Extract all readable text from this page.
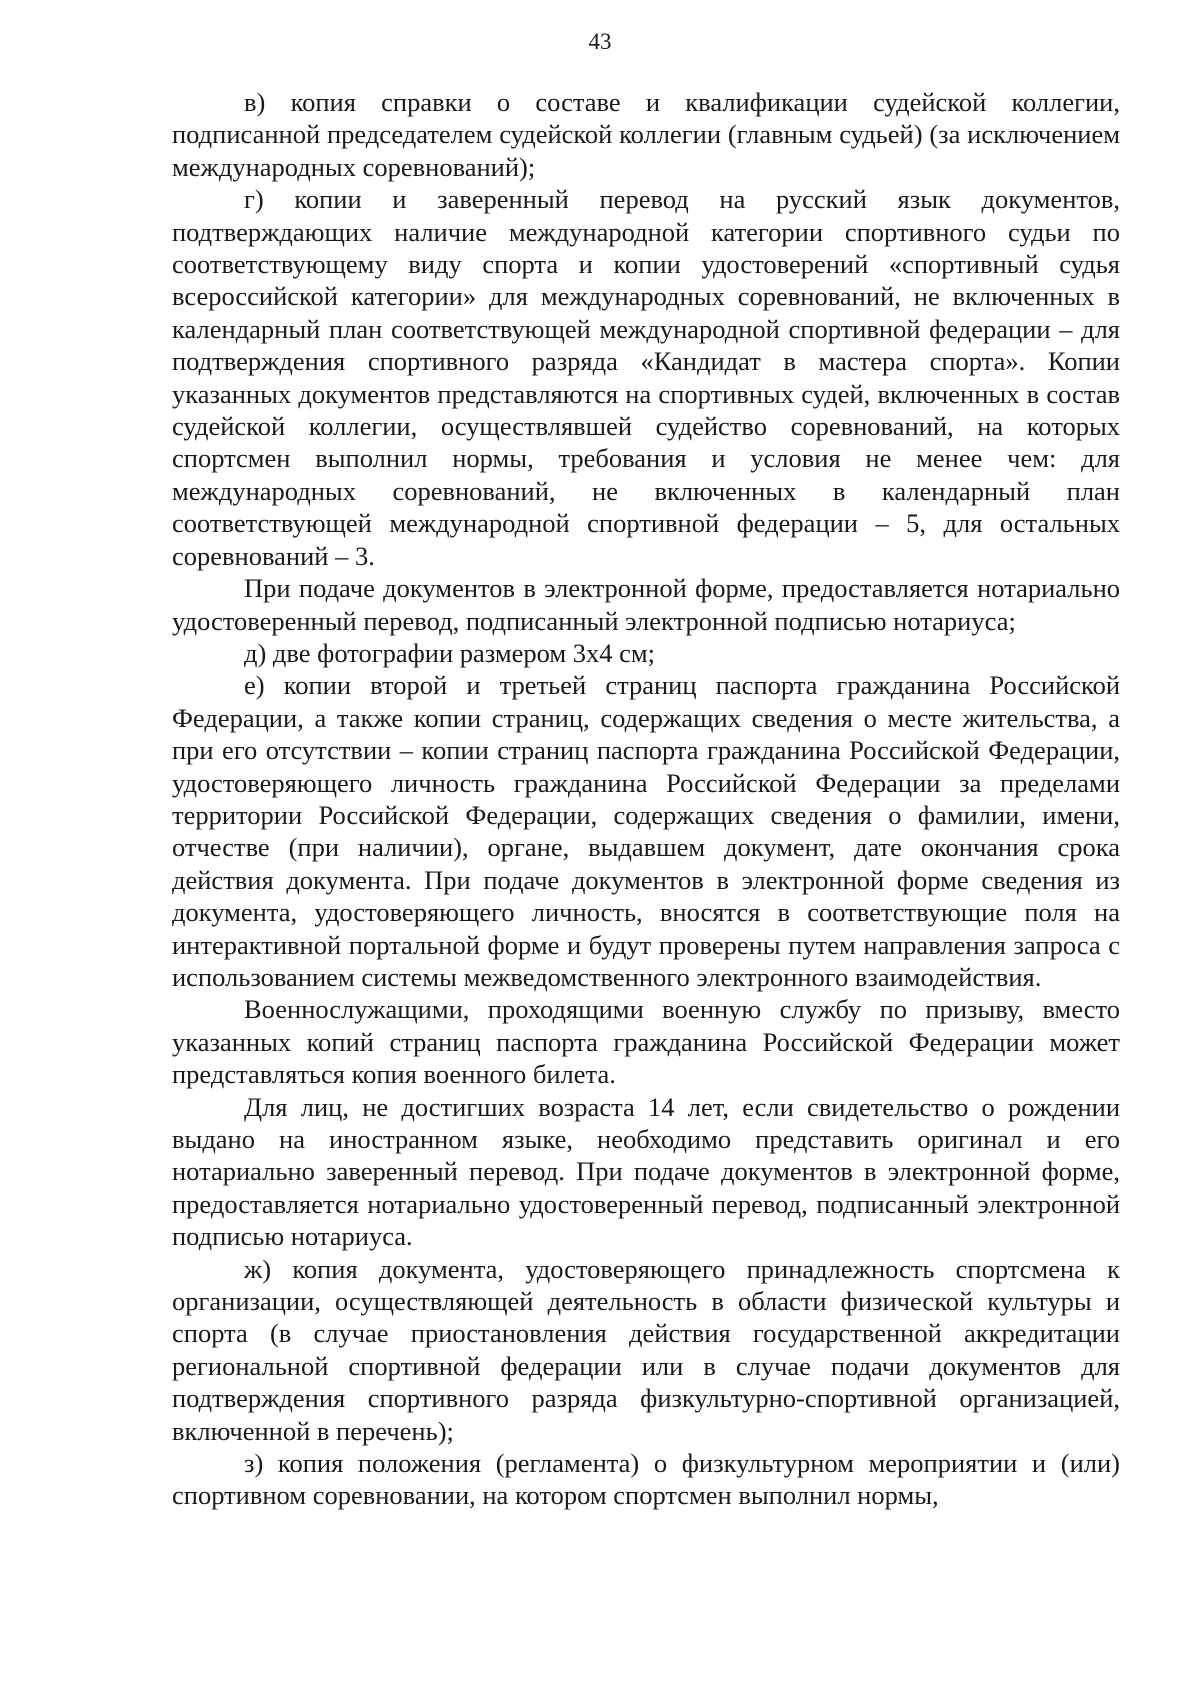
43

в) копия справки о составе и квалификации судейской коллегии, подписанной председателем судейской коллегии (главным судьей) (за исключением международных соревнований);

г) копии и заверенный перевод на русский язык документов, подтверждающих наличие международной категории спортивного судьи по соответствующему виду спорта и копии удостоверений «спортивный судья всероссийской категории» для международных соревнований, не включенных в календарный план соответствующей международной спортивной федерации – для подтверждения спортивного разряда «Кандидат в мастера спорта». Копии указанных документов представляются на спортивных судей, включенных в состав судейской коллегии, осуществлявшей судейство соревнований, на которых спортсмен выполнил нормы, требования и условия не менее чем: для международных соревнований, не включенных в календарный план соответствующей международной спортивной федерации – 5, для остальных соревнований – 3.

При подаче документов в электронной форме, предоставляется нотариально удостоверенный перевод, подписанный электронной подписью нотариуса;

д) две фотографии размером 3х4 см;

е) копии второй и третьей страниц паспорта гражданина Российской Федерации, а также копии страниц, содержащих сведения о месте жительства, а при его отсутствии – копии страниц паспорта гражданина Российской Федерации, удостоверяющего личность гражданина Российской Федерации за пределами территории Российской Федерации, содержащих сведения о фамилии, имени, отчестве (при наличии), органе, выдавшем документ, дате окончания срока действия документа. При подаче документов в электронной форме сведения из документа, удостоверяющего личность, вносятся в соответствующие поля на интерактивной портальной форме и будут проверены путем направления запроса с использованием системы межведомственного электронного взаимодействия.

Военнослужащими, проходящими военную службу по призыву, вместо указанных копий страниц паспорта гражданина Российской Федерации может представляться копия военного билета.

Для лиц, не достигших возраста 14 лет, если свидетельство о рождении выдано на иностранном языке, необходимо представить оригинал и его нотариально заверенный перевод. При подаче документов в электронной форме, предоставляется нотариально удостоверенный перевод, подписанный электронной подписью нотариуса.

ж) копия документа, удостоверяющего принадлежность спортсмена к организации, осуществляющей деятельность в области физической культуры и спорта (в случае приостановления действия государственной аккредитации региональной спортивной федерации или в случае подачи документов для подтверждения спортивного разряда физкультурно-спортивной организацией, включенной в перечень);

з) копия положения (регламента) о физкультурном мероприятии и (или) спортивном соревновании, на котором спортсмен выполнил нормы,
